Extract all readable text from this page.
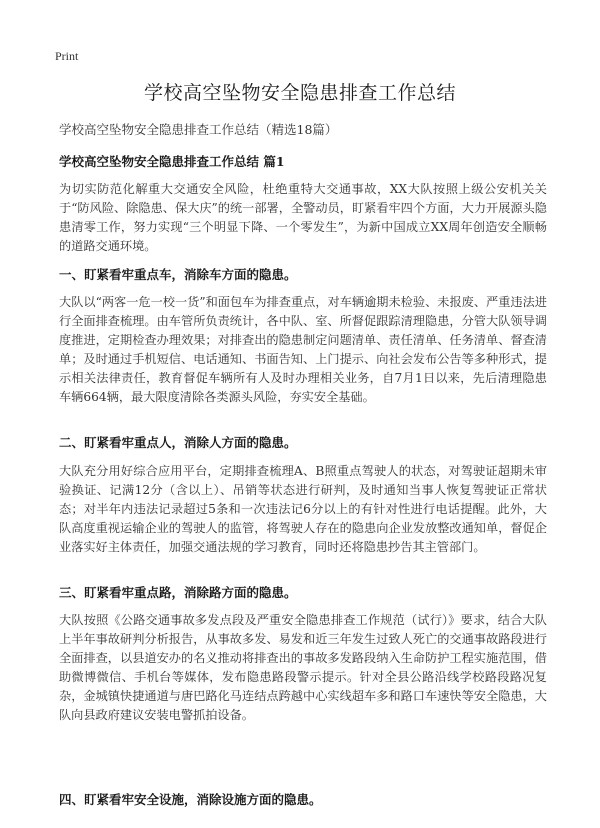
Print
学校高空坠物安全隐患排查工作总结
学校高空坠物安全隐患排查工作总结（精选18篇）
学校高空坠物安全隐患排查工作总结 篇1

为切实防范化解重大交通安全风险，杜绝重特大交通事故，XX大队按照上级公安机关关于“防风险、除隐患、保大庆”的统一部署，全警动员，盯紧看牢四个方面，大力开展源头隐患清零工作，努力实现“三个明显下降、一个零发生”，为新中国成立XX周年创造安全顺畅的道路交通环境。

一、盯紧看牢重点车，消除车方面的隐患。

大队以“两客一危一校一货”和面包车为排查重点，对车辆逾期未检验、未报废、严重违法进行全面排查梳理。由车管所负责统计，各中队、室、所督促跟踪清理隐患，分管大队领导调度推进，定期检查办理效果；对排查出的隐患制定问题清单、责任清单、任务清单、督查清单；及时通过手机短信、电话通知、书面告知、上门提示、向社会发布公告等多种形式，提示相关法律责任，教育督促车辆所有人及时办理相关业务，自7月1日以来，先后清理隐患车辆664辆，最大限度清除各类源头风险，夯实安全基础。

二、盯紧看牢重点人，消除人方面的隐患。

大队充分用好综合应用平台，定期排查梳理A、B照重点驾驶人的状态，对驾驶证超期未审验换证、记满12分（含以上）、吊销等状态进行研判，及时通知当事人恢复驾驶证正常状态；对半年内违法记录超过5条和一次违法记6分以上的有针对性进行电话提醒。此外，大队高度重视运输企业的驾驶人的监管，将驾驶人存在的隐患向企业发放整改通知单，督促企业落实好主体责任，加强交通法规的学习教育，同时还将隐患抄告其主管部门。

三、盯紧看牢重点路，消除路方面的隐患。

大队按照《公路交通事故多发点段及严重安全隐患排查工作规范（试行）》要求，结合大队上半年事故研判分析报告，从事故多发、易发和近三年发生过致人死亡的交通事故路段进行全面排查，以县道安办的名义推动将排查出的事故多发路段纳入生命防护工程实施范围，借助微博微信、手机台等媒体，发布隐患路段警示提示。针对全县公路沿线学校路段路况复杂，金城镇快捷通道与唐巴路化马连结点跨越中心实线超车多和路口车速快等安全隐患，大队向县政府建议安装电警抓拍设备。

四、盯紧看牢安全设施，消除设施方面的隐患。
